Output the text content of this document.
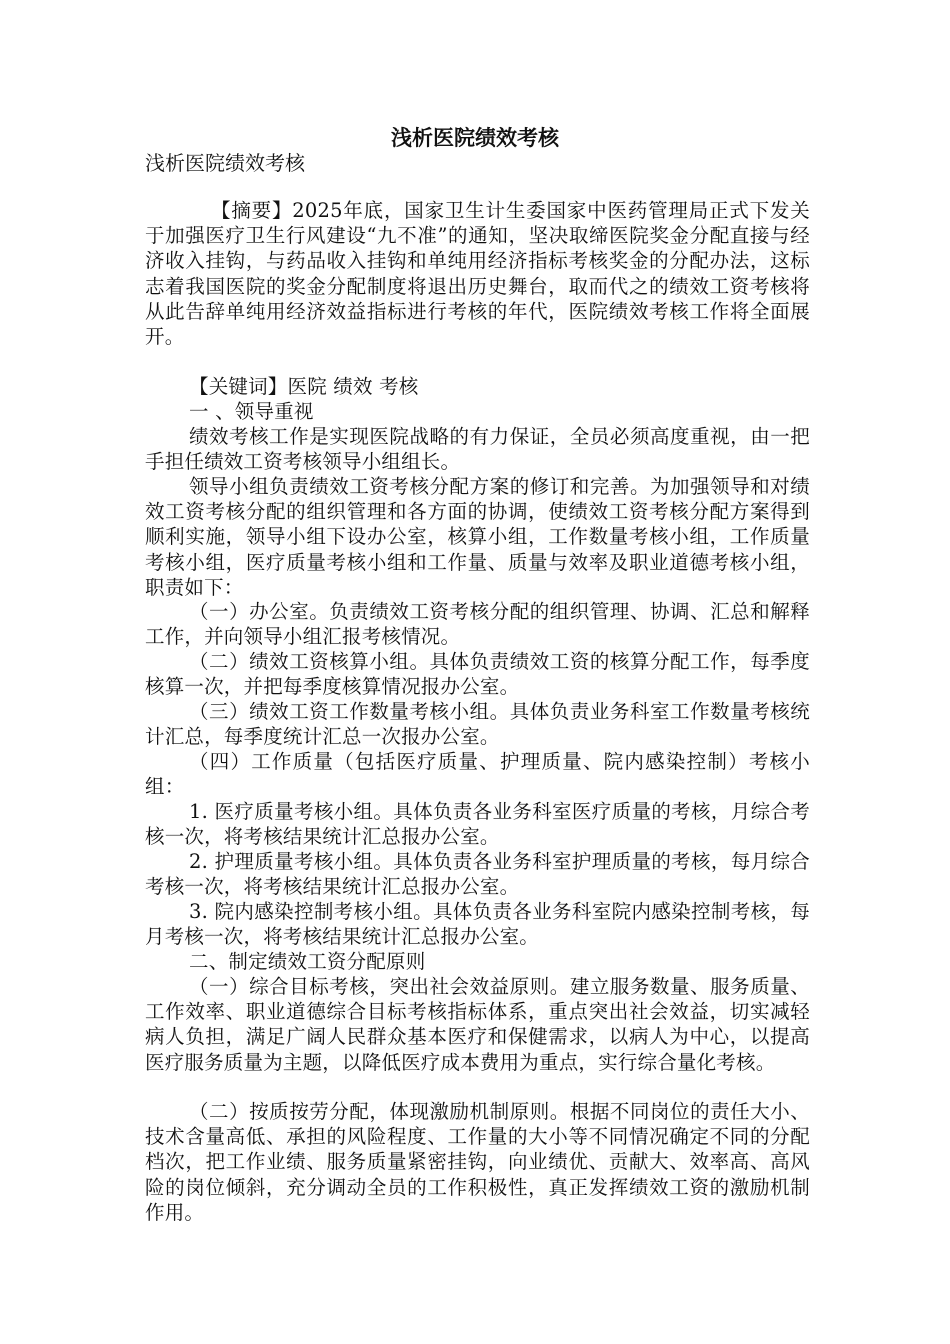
浅析医院绩效考核

浅析医院绩效考核

【摘要】2025年底，国家卫生计生委国家中医药管理局正式下发关于加强医疗卫生行风建设“九不准”的通知，坚决取缔医院奖金分配直接与经济收入挂钩，与药品收入挂钩和单纯用经济指标考核奖金的分配办法，这标志着我国医院的奖金分配制度将退出历史舞台，取而代之的绩效工资考核将从此告辞单纯用经济效益指标进行考核的年代，医院绩效考核工作将全面展开。

【关键词】医院 绩效 考核

一 、领导重视

绩效考核工作是实现医院战略的有力保证，全员必须高度重视，由一把手担任绩效工资考核领导小组组长。

领导小组负责绩效工资考核分配方案的修订和完善。为加强领导和对绩效工资考核分配的组织管理和各方面的协调，使绩效工资考核分配方案得到顺利实施，领导小组下设办公室，核算小组，工作数量考核小组，工作质量考核小组，医疗质量考核小组和工作量、质量与效率及职业道德考核小组，职责如下：

（一）办公室。负责绩效工资考核分配的组织管理、协调、汇总和解释工作，并向领导小组汇报考核情况。

（二）绩效工资核算小组。具体负责绩效工资的核算分配工作，每季度核算一次，并把每季度核算情况报办公室。

（三）绩效工资工作数量考核小组。具体负责业务科室工作数量考核统计汇总，每季度统计汇总一次报办公室。

（四）工作质量（包括医疗质量、护理质量、院内感染控制）考核小组：

1. 医疗质量考核小组。具体负责各业务科室医疗质量的考核，月综合考核一次，将考核结果统计汇总报办公室。

2. 护理质量考核小组。具体负责各业务科室护理质量的考核，每月综合考核一次，将考核结果统计汇总报办公室。

3. 院内感染控制考核小组。具体负责各业务科室院内感染控制考核，每月考核一次，将考核结果统计汇总报办公室。

二、制定绩效工资分配原则

（一）综合目标考核，突出社会效益原则。建立服务数量、服务质量、工作效率、职业道德综合目标考核指标体系，重点突出社会效益，切实减轻病人负担，满足广阔人民群众基本医疗和保健需求，以病人为中心，以提高医疗服务质量为主题，以降低医疗成本费用为重点，实行综合量化考核。

（二）按质按劳分配，体现激励机制原则。根据不同岗位的责任大小、技术含量高低、承担的风险程度、工作量的大小等不同情况确定不同的分配档次，把工作业绩、服务质量紧密挂钩，向业绩优、贡献大、效率高、高风险的岗位倾斜，充分调动全员的工作积极性，真正发挥绩效工资的激励机制作用。
